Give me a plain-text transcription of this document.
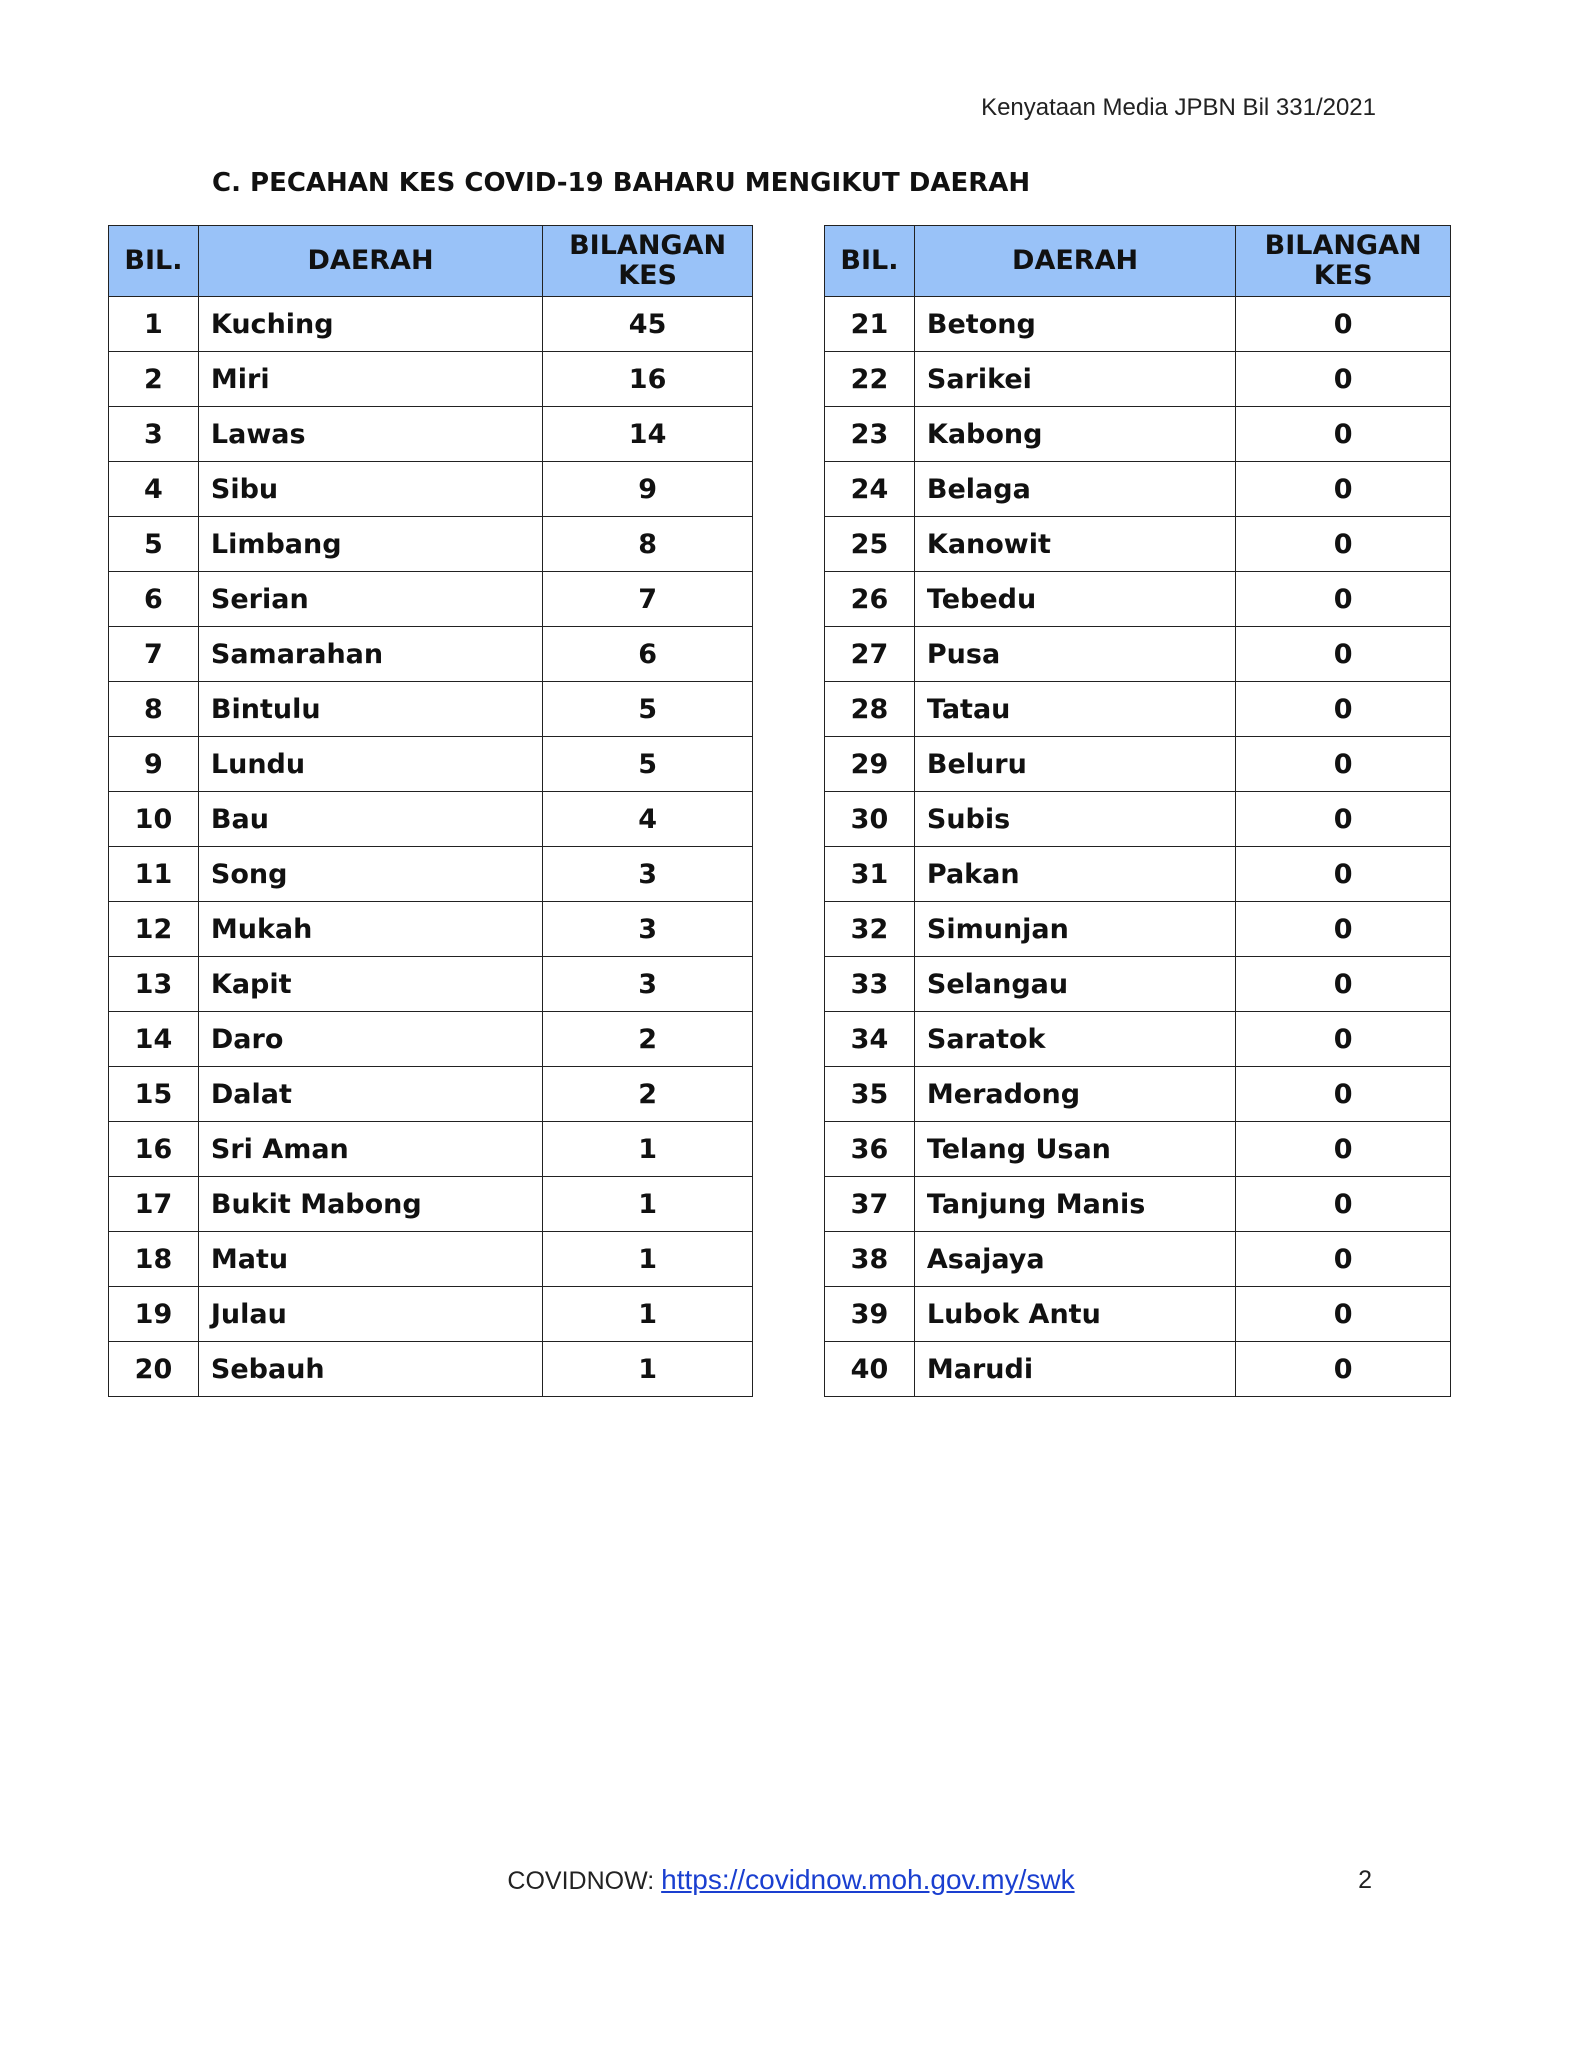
Kenyataan Media JPBN Bil 331/2021
C. PECAHAN KES COVID-19 BAHARU MENGIKUT DAERAH
BIL.	DAERAH	BILANGAN
KES
1	Kuching	45
2	Miri	16
3	Lawas	14
4	Sibu	9
5	Limbang	8
6	Serian	7
7	Samarahan	6
8	Bintulu	5
9	Lundu	5
10	Bau	4
11	Song	3
12	Mukah	3
13	Kapit	3
14	Daro	2
15	Dalat	2
16	Sri Aman	1
17	Bukit Mabong	1
18	Matu	1
19	Julau	1
20	Sebauh	1
BIL.	DAERAH	BILANGAN
KES
21	Betong	0
22	Sarikei	0
23	Kabong	0
24	Belaga	0
25	Kanowit	0
26	Tebedu	0
27	Pusa	0
28	Tatau	0
29	Beluru	0
30	Subis	0
31	Pakan	0
32	Simunjan	0
33	Selangau	0
34	Saratok	0
35	Meradong	0
36	Telang Usan	0
37	Tanjung Manis	0
38	Asajaya	0
39	Lubok Antu	0
40	Marudi	0
COVIDNOW: https://covidnow.moh.gov.my/swk	2
